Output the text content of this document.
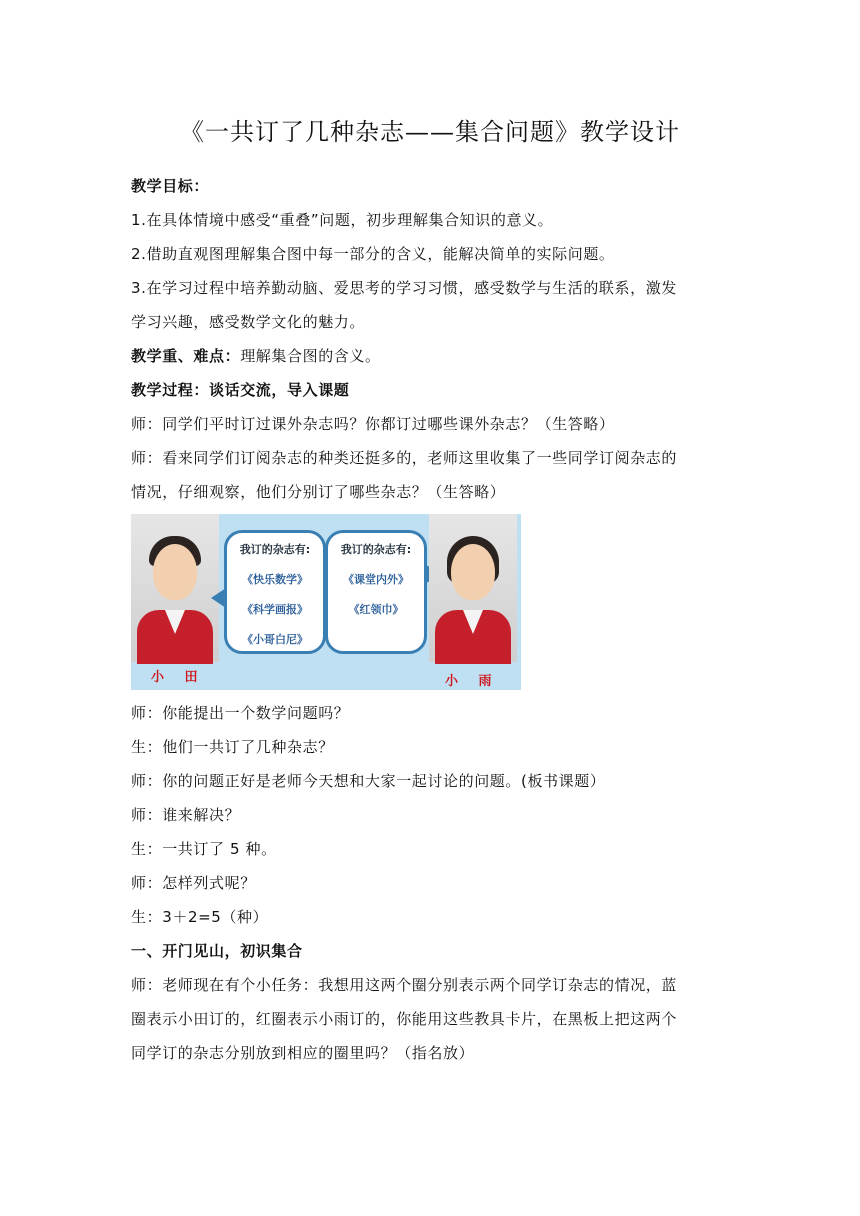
《一共订了几种杂志——集合问题》教学设计
教学目标：
1.在具体情境中感受“重叠”问题，初步理解集合知识的意义。
2.借助直观图理解集合图中每一部分的含义，能解决简单的实际问题。
3.在学习过程中培养勤动脑、爱思考的学习习惯，感受数学与生活的联系，激发
学习兴趣，感受数学文化的魅力。
教学重、难点：理解集合图的含义。
教学过程：谈话交流，导入课题
师：同学们平时订过课外杂志吗？你都订过哪些课外杂志？（生答略）
师：看来同学们订阅杂志的种类还挺多的，老师这里收集了一些同学订阅杂志的
情况，仔细观察，他们分别订了哪些杂志？（生答略）
我订的杂志有:
《快乐数学》
《科学画报》
《小哥白尼》
我订的杂志有:
《课堂内外》
《红领巾》
小 田	小 雨
师：你能提出一个数学问题吗？
生：他们一共订了几种杂志？
师：你的问题正好是老师今天想和大家一起讨论的问题。(板书课题）
师：谁来解决？
生：一共订了 5 种。
师：怎样列式呢？
生：3＋2=5（种）
一、开门见山，初识集合
师：老师现在有个小任务：我想用这两个圈分别表示两个同学订杂志的情况，蓝
圈表示小田订的，红圈表示小雨订的，你能用这些教具卡片，在黑板上把这两个
同学订的杂志分别放到相应的圈里吗？（指名放）
